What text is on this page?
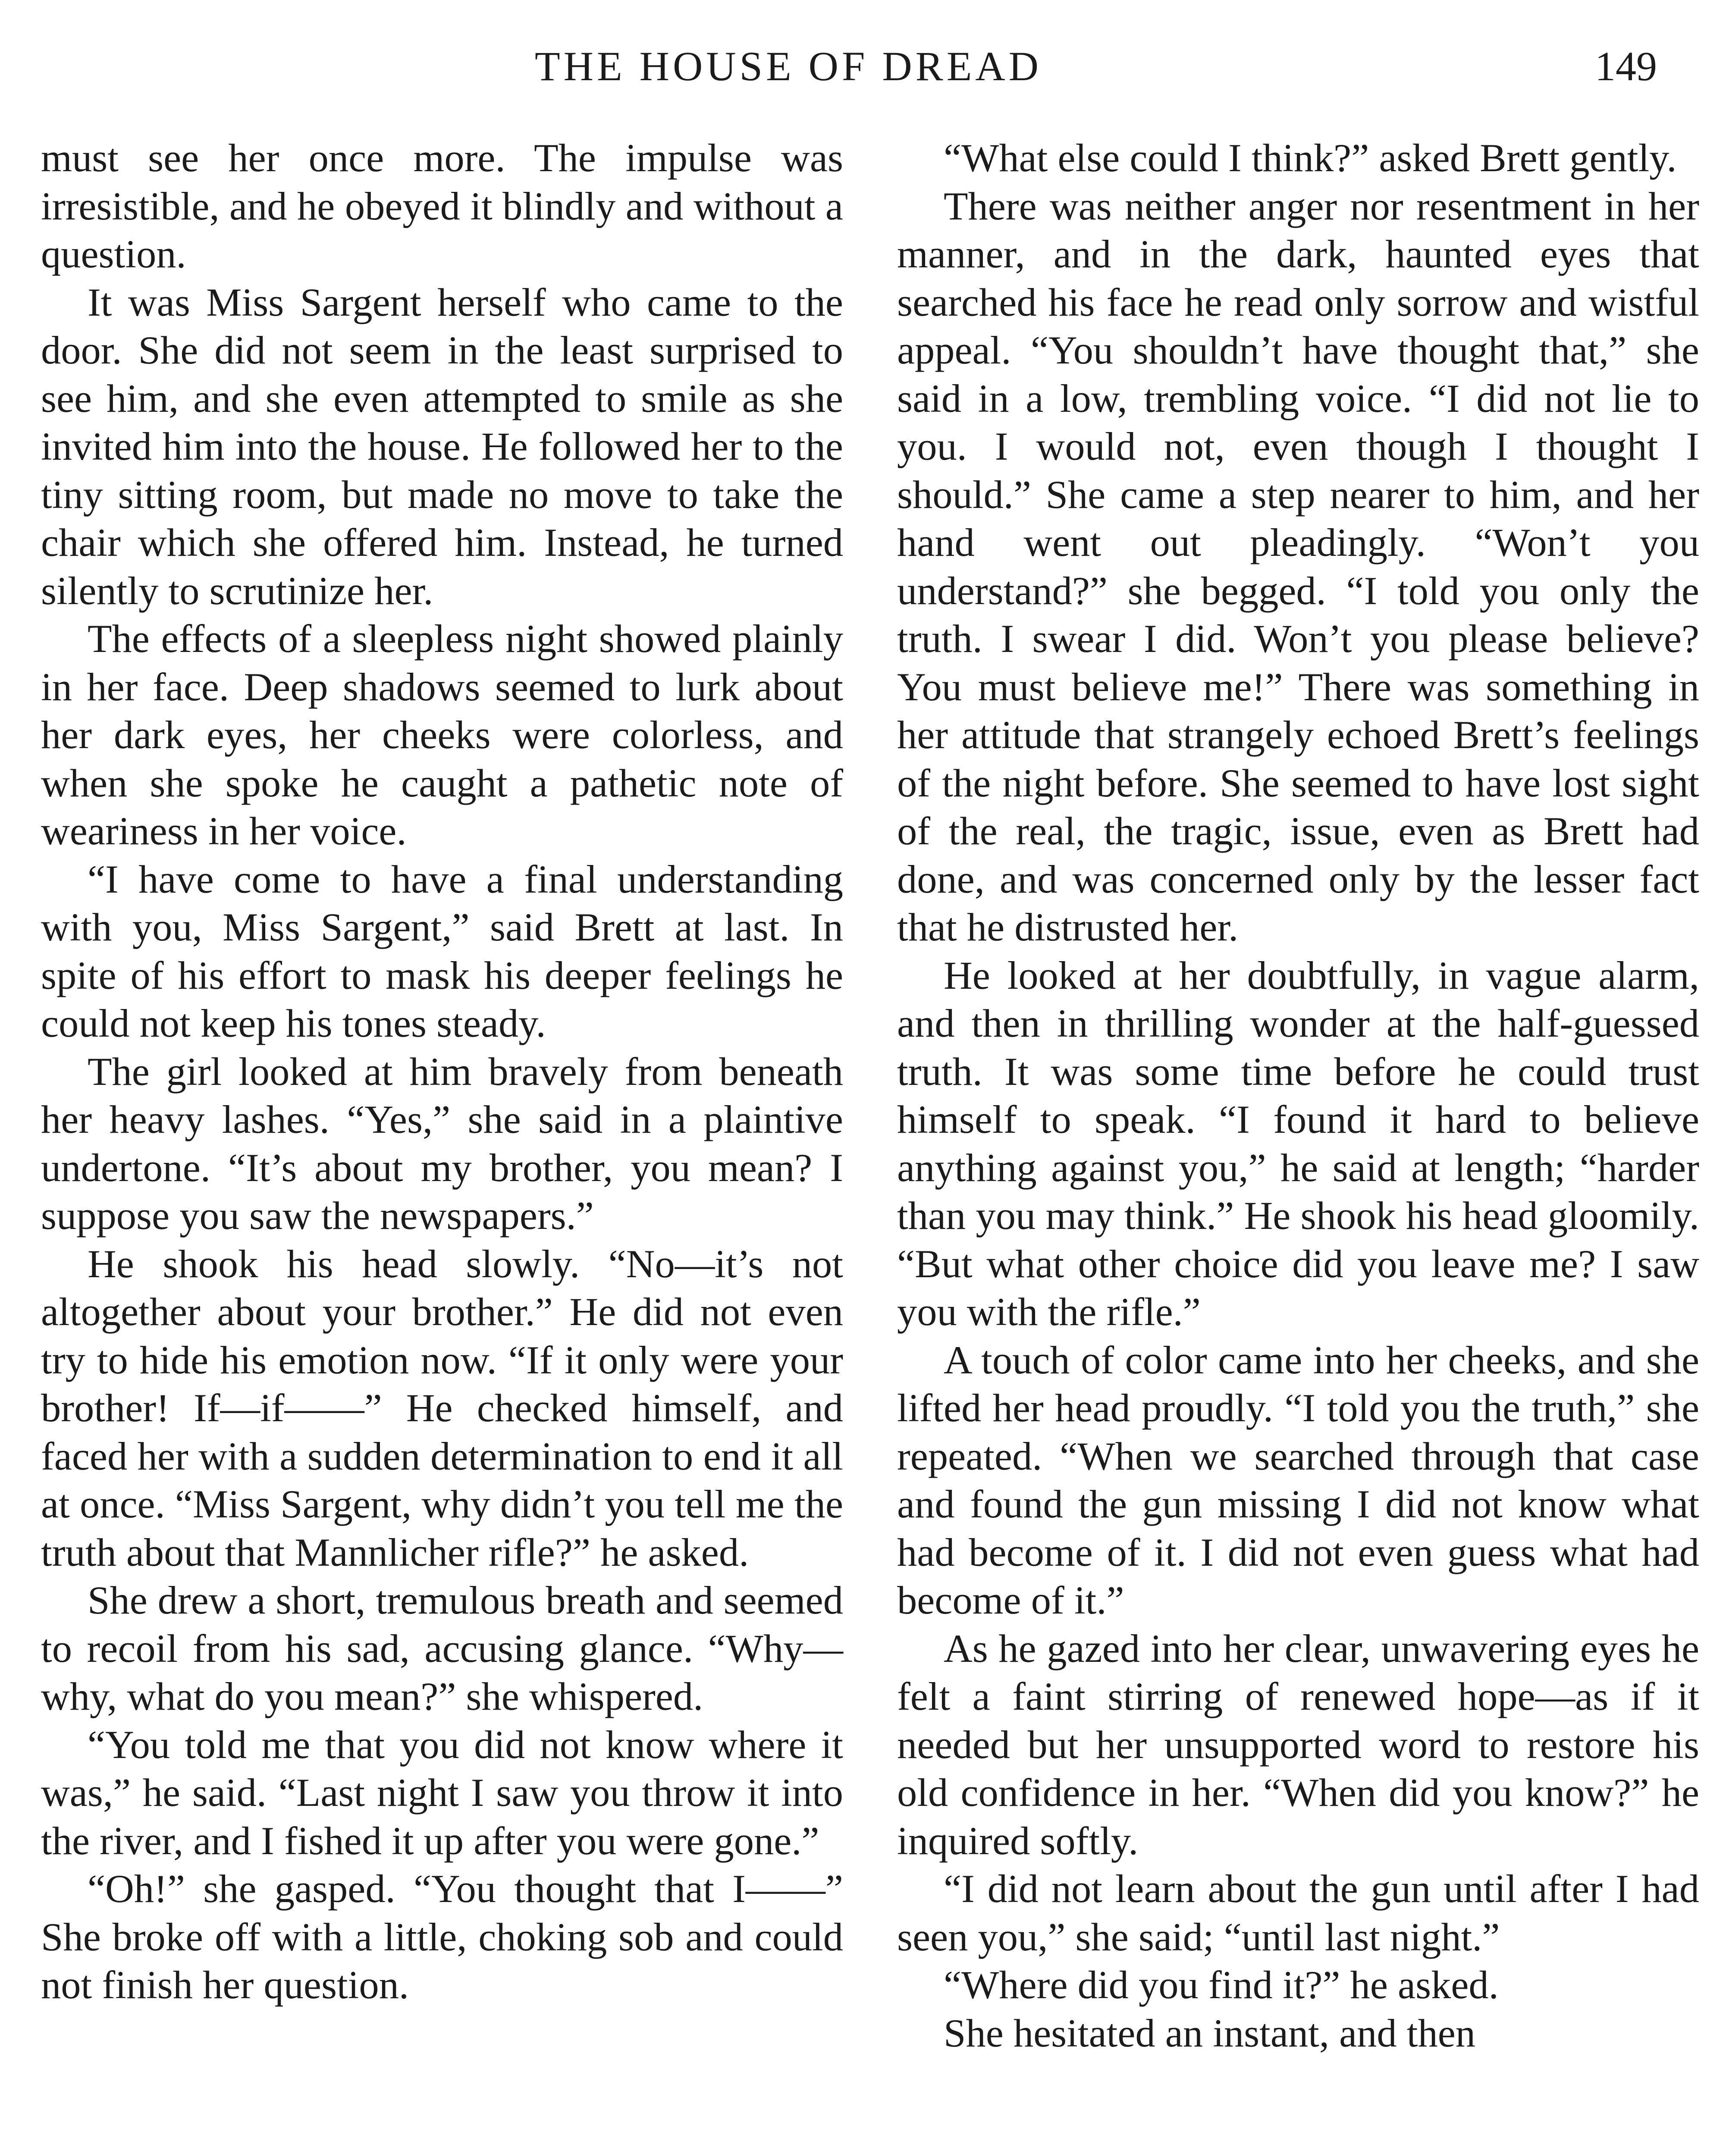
THE HOUSE OF DREAD	149

must see her once more. The impulse was irresistible, and he obeyed it blindly and without a question.

It was Miss Sargent herself who came to the door. She did not seem in the least surprised to see him, and she even attempted to smile as she invited him into the house. He followed her to the tiny sitting room, but made no move to take the chair which she offered him. Instead, he turned silently to scrutinize her.

The effects of a sleepless night showed plainly in her face. Deep shadows seemed to lurk about her dark eyes, her cheeks were colorless, and when she spoke he caught a pathetic note of weariness in her voice.

“I have come to have a final understanding with you, Miss Sargent,” said Brett at last. In spite of his effort to mask his deeper feelings he could not keep his tones steady.

The girl looked at him bravely from beneath her heavy lashes. “Yes,” she said in a plaintive undertone. “It’s about my brother, you mean? I suppose you saw the newspapers.”

He shook his head slowly. “No—it’s not altogether about your brother.” He did not even try to hide his emotion now. “If it only were your brother! If—if——” He checked himself, and faced her with a sudden determination to end it all at once. “Miss Sargent, why didn’t you tell me the truth about that Mannlicher rifle?” he asked.

She drew a short, tremulous breath and seemed to recoil from his sad, accusing glance. “Why—why, what do you mean?” she whispered.

“You told me that you did not know where it was,” he said. “Last night I saw you throw it into the river, and I fished it up after you were gone.”

“Oh!” she gasped. “You thought that I——” She broke off with a little, choking sob and could not finish her question.

“What else could I think?” asked Brett gently.

There was neither anger nor resentment in her manner, and in the dark, haunted eyes that searched his face he read only sorrow and wistful appeal. “You shouldn’t have thought that,” she said in a low, trembling voice. “I did not lie to you. I would not, even though I thought I should.” She came a step nearer to him, and her hand went out pleadingly. “Won’t you understand?” she begged. “I told you only the truth. I swear I did. Won’t you please believe? You must believe me!” There was something in her attitude that strangely echoed Brett’s feelings of the night before. She seemed to have lost sight of the real, the tragic, issue, even as Brett had done, and was concerned only by the lesser fact that he distrusted her.

He looked at her doubtfully, in vague alarm, and then in thrilling wonder at the half-guessed truth. It was some time before he could trust himself to speak. “I found it hard to believe anything against you,” he said at length; “harder than you may think.” He shook his head gloomily. “But what other choice did you leave me? I saw you with the rifle.”

A touch of color came into her cheeks, and she lifted her head proudly. “I told you the truth,” she repeated. “When we searched through that case and found the gun missing I did not know what had become of it. I did not even guess what had become of it.”

As he gazed into her clear, unwavering eyes he felt a faint stirring of renewed hope—as if it needed but her unsupported word to restore his old confidence in her. “When did you know?” he inquired softly.

“I did not learn about the gun until after I had seen you,” she said; “until last night.”

“Where did you find it?” he asked.

She hesitated an instant, and then
